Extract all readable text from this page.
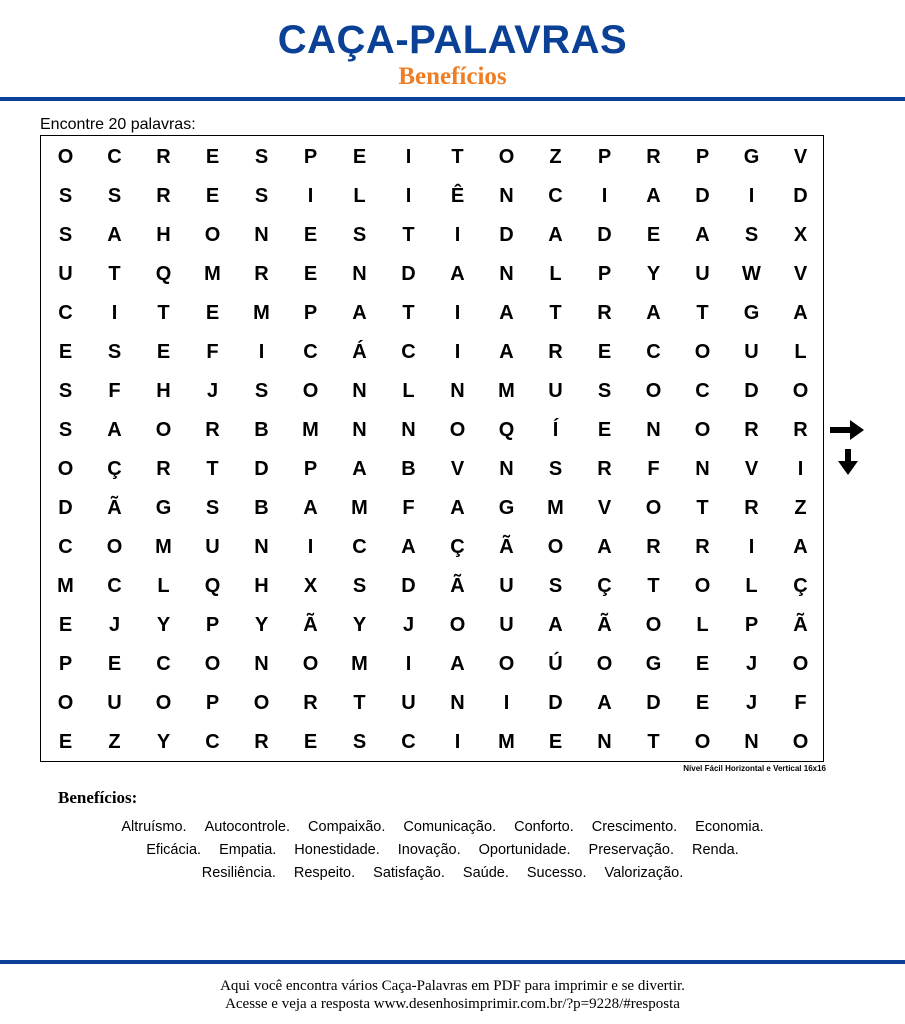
CAÇA-PALAVRAS
Benefícios
Encontre 20 palavras:
O	C	R	E	S	P	E	I	T	O	Z	P	R	P	G	V
S	S	R	E	S	I	L	I	Ê	N	C	I	A	D	I	D
S	A	H	O	N	E	S	T	I	D	A	D	E	A	S	X
U	T	Q	M	R	E	N	D	A	N	L	P	Y	U	W	V
C	I	T	E	M	P	A	T	I	A	T	R	A	T	G	A
E	S	E	F	I	C	Á	C	I	A	R	E	C	O	U	L
S	F	H	J	S	O	N	L	N	M	U	S	O	C	D	O
S	A	O	R	B	M	N	N	O	Q	Í	E	N	O	R	R
O	Ç	R	T	D	P	A	B	V	N	S	R	F	N	V	I
D	Ã	G	S	B	A	M	F	A	G	M	V	O	T	R	Z
C	O	M	U	N	I	C	A	Ç	Ã	O	A	R	R	I	A
M	C	L	Q	H	X	S	D	Ã	U	S	Ç	T	O	L	Ç
E	J	Y	P	Y	Ã	Y	J	O	U	A	Ã	O	L	P	Ã
P	E	C	O	N	O	M	I	A	O	Ú	O	G	E	J	O
O	U	O	P	O	R	T	U	N	I	D	A	D	E	J	F
E	Z	Y	C	R	E	S	C	I	M	E	N	T	O	N	O
Nível Fácil Horizontal e Vertical 16x16
Benefícios:
Altruísmo. Autocontrole. Compaixão. Comunicação. Conforto. Crescimento. Economia.
Eficácia. Empatia. Honestidade. Inovação. Oportunidade. Preservação. Renda.
Resiliência. Respeito. Satisfação. Saúde. Sucesso. Valorização.
Aqui você encontra vários Caça-Palavras em PDF para imprimir e se divertir.
Acesse e veja a resposta www.desenhosimprimir.com.br/?p=9228/#resposta
